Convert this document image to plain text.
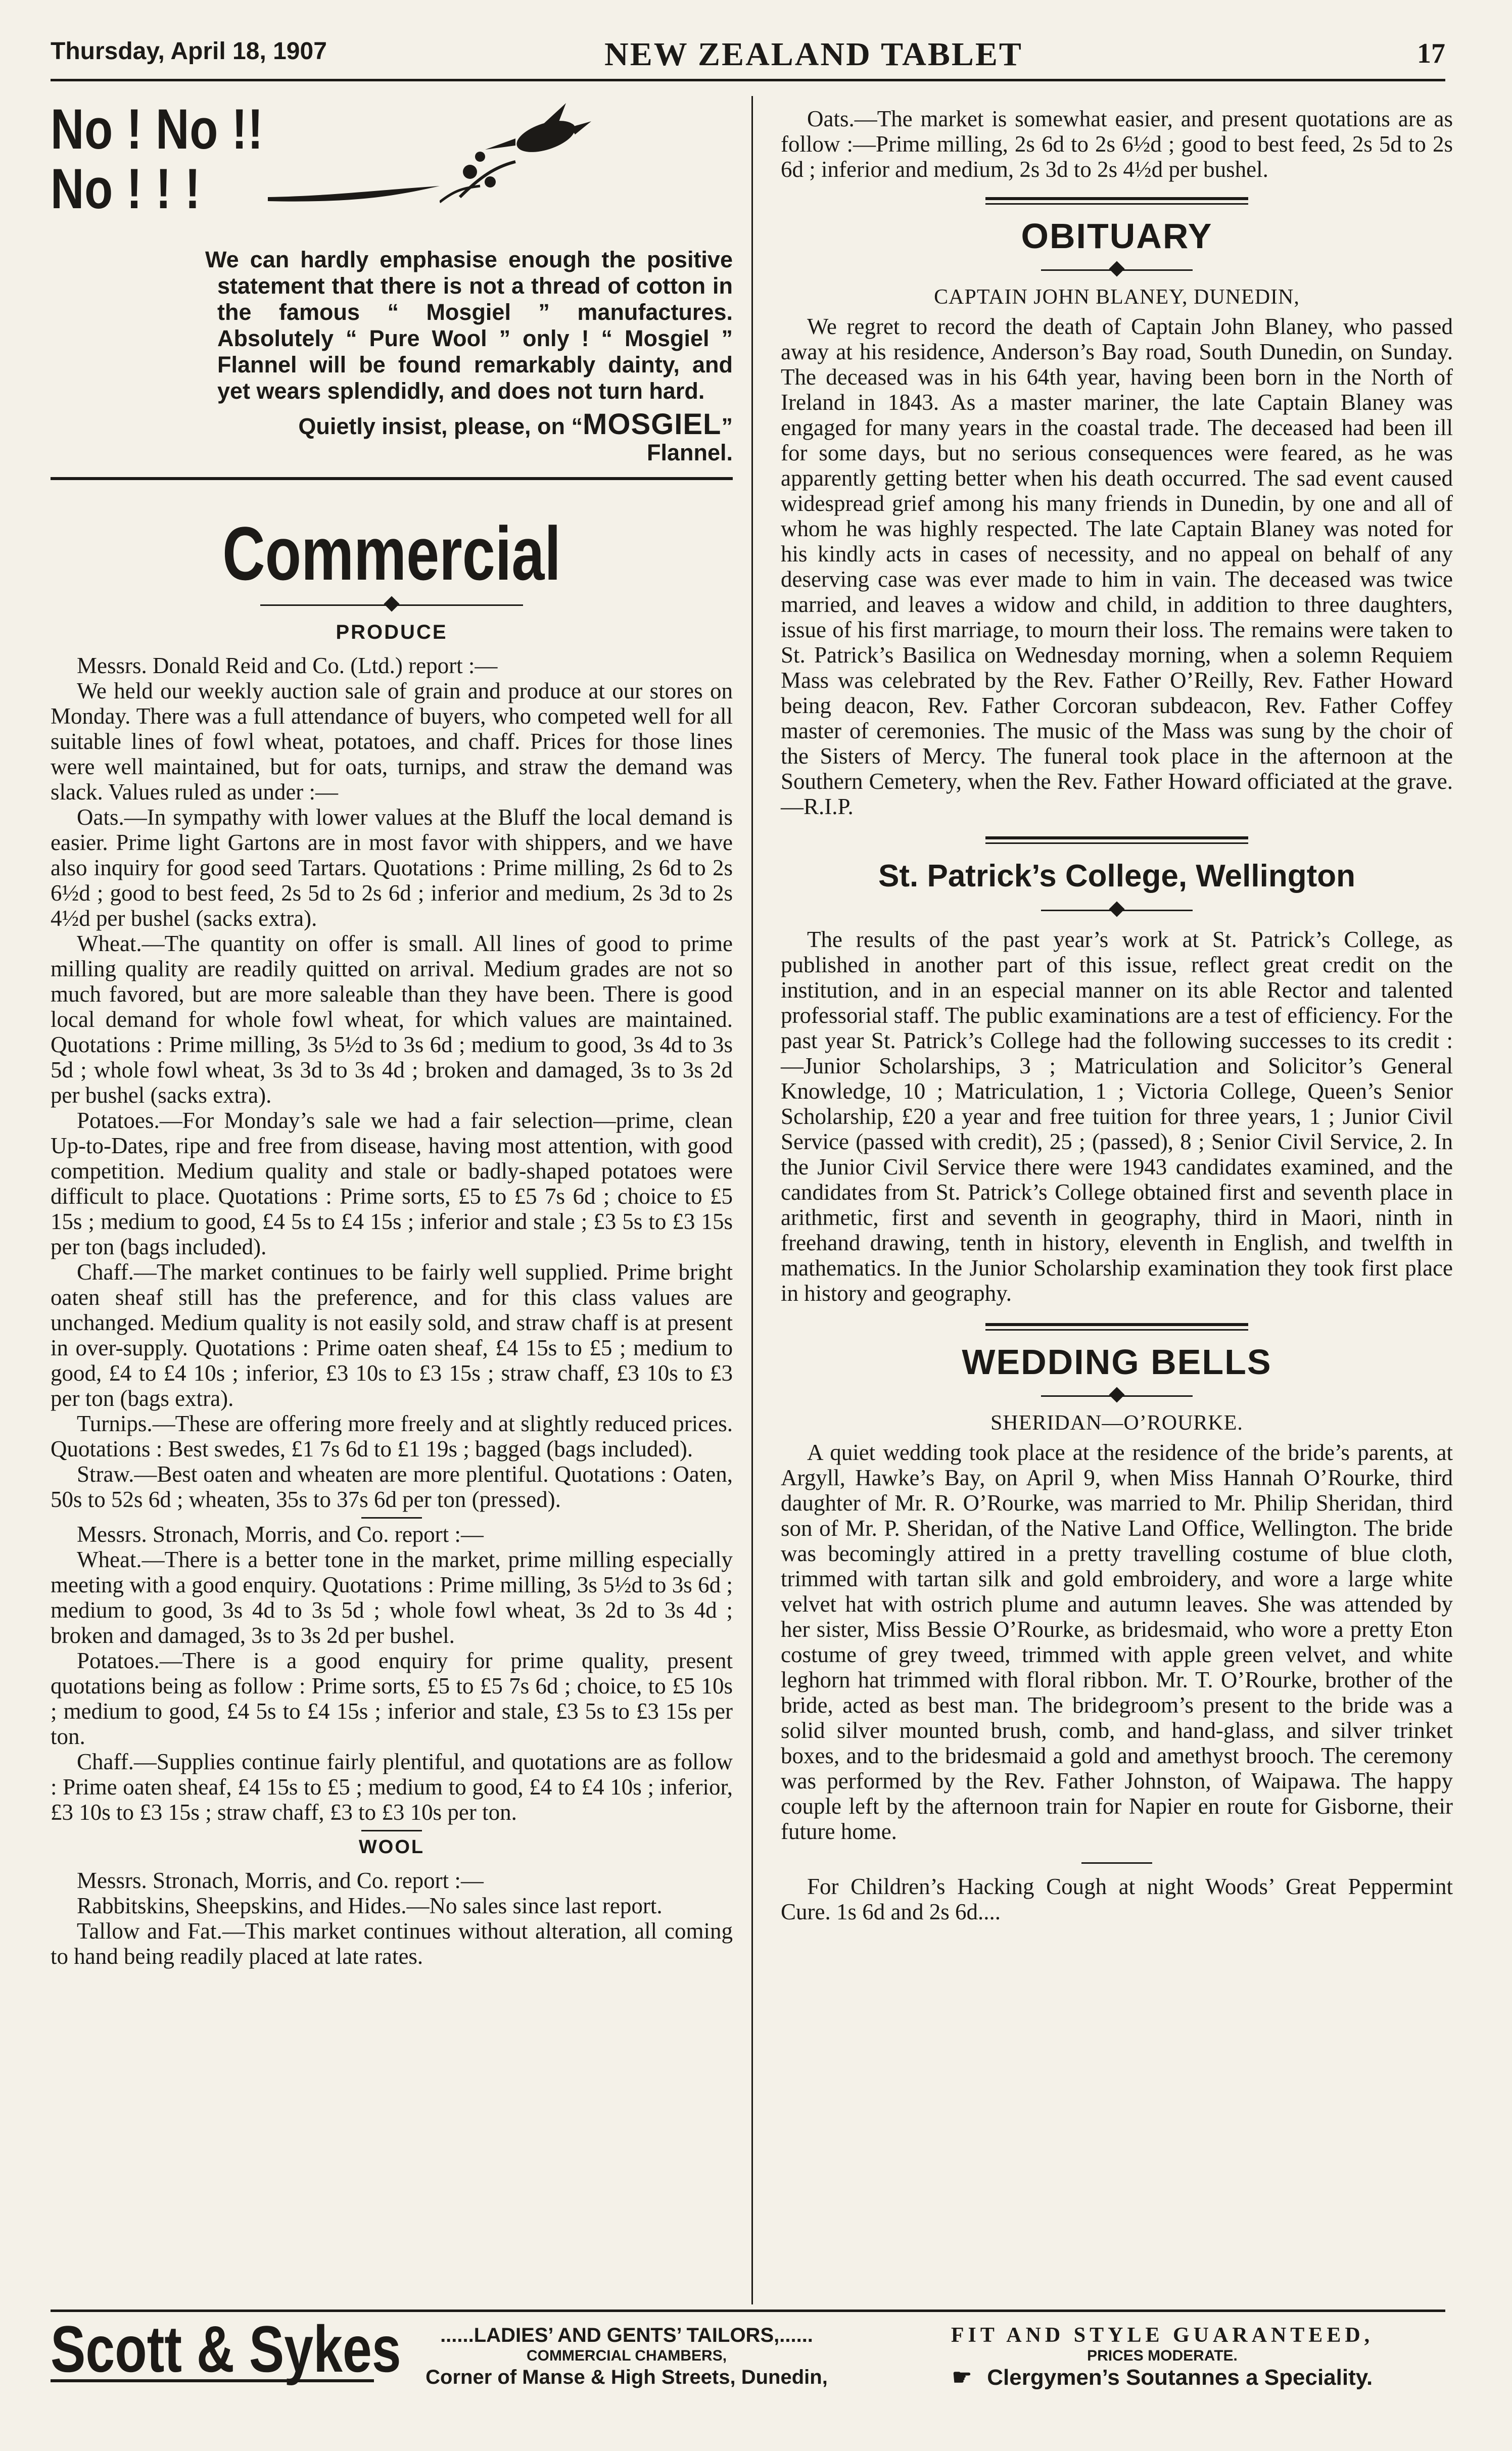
Thursday, April 18, 1907	NEW ZEALAND TABLET	17
No ! No !!
No ! ! !
We can hardly emphasise enough the positive statement that there is not a thread of cotton in the famous “ Mosgiel ” manufactures. Absolutely “ Pure Wool ” only ! “ Mosgiel ” Flannel will be found remarkably dainty, and yet wears splendidly, and does not turn hard.
Quietly insist, please, on “MOSGIEL” Flannel.
Commercial
PRODUCE

Messrs. Donald Reid and Co. (Ltd.) report :—

We held our weekly auction sale of grain and produce at our stores on Monday. There was a full attendance of buyers, who competed well for all suitable lines of fowl wheat, potatoes, and chaff. Prices for those lines were well maintained, but for oats, turnips, and straw the demand was slack. Values ruled as under :—

Oats.—In sympathy with lower values at the Bluff the local demand is easier. Prime light Gartons are in most favor with shippers, and we have also inquiry for good seed Tartars. Quotations : Prime milling, 2s 6d to 2s 6½d ; good to best feed, 2s 5d to 2s 6d ; inferior and medium, 2s 3d to 2s 4½d per bushel (sacks extra).

Wheat.—The quantity on offer is small. All lines of good to prime milling quality are readily quitted on arrival. Medium grades are not so much favored, but are more saleable than they have been. There is good local demand for whole fowl wheat, for which values are maintained. Quotations : Prime milling, 3s 5½d to 3s 6d ; medium to good, 3s 4d to 3s 5d ; whole fowl wheat, 3s 3d to 3s 4d ; broken and damaged, 3s to 3s 2d per bushel (sacks extra).

Potatoes.—For Monday’s sale we had a fair selection—prime, clean Up-to-Dates, ripe and free from disease, having most attention, with good competition. Medium quality and stale or badly-shaped potatoes were difficult to place. Quotations : Prime sorts, £5 to £5 7s 6d ; choice to £5 15s ; medium to good, £4 5s to £4 15s ; inferior and stale ; £3 5s to £3 15s per ton (bags included).

Chaff.—The market continues to be fairly well supplied. Prime bright oaten sheaf still has the preference, and for this class values are unchanged. Medium quality is not easily sold, and straw chaff is at present in over-supply. Quotations : Prime oaten sheaf, £4 15s to £5 ; medium to good, £4 to £4 10s ; inferior, £3 10s to £3 15s ; straw chaff, £3 10s to £3 per ton (bags extra).

Turnips.—These are offering more freely and at slightly reduced prices. Quotations : Best swedes, £1 7s 6d to £1 19s ; bagged (bags included).

Straw.—Best oaten and wheaten are more plentiful. Quotations : Oaten, 50s to 52s 6d ; wheaten, 35s to 37s 6d per ton (pressed).

Messrs. Stronach, Morris, and Co. report :—

Wheat.—There is a better tone in the market, prime milling especially meeting with a good enquiry. Quotations : Prime milling, 3s 5½d to 3s 6d ; medium to good, 3s 4d to 3s 5d ; whole fowl wheat, 3s 2d to 3s 4d ; broken and damaged, 3s to 3s 2d per bushel.

Potatoes.—There is a good enquiry for prime quality, present quotations being as follow : Prime sorts, £5 to £5 7s 6d ; choice, to £5 10s ; medium to good, £4 5s to £4 15s ; inferior and stale, £3 5s to £3 15s per ton.

Chaff.—Supplies continue fairly plentiful, and quotations are as follow : Prime oaten sheaf, £4 15s to £5 ; medium to good, £4 to £4 10s ; inferior, £3 10s to £3 15s ; straw chaff, £3 to £3 10s per ton.

WOOL

Messrs. Stronach, Morris, and Co. report :—

Rabbitskins, Sheepskins, and Hides.—No sales since last report.

Tallow and Fat.—This market continues without alteration, all coming to hand being readily placed at late rates.

Oats.—The market is somewhat easier, and present quotations are as follow :—Prime milling, 2s 6d to 2s 6½d ; good to best feed, 2s 5d to 2s 6d ; inferior and medium, 2s 3d to 2s 4½d per bushel.

OBITUARY

CAPTAIN JOHN BLANEY, DUNEDIN,

We regret to record the death of Captain John Blaney, who passed away at his residence, Anderson’s Bay road, South Dunedin, on Sunday. The deceased was in his 64th year, having been born in the North of Ireland in 1843. As a master mariner, the late Captain Blaney was engaged for many years in the coastal trade. The deceased had been ill for some days, but no serious consequences were feared, as he was apparently getting better when his death occurred. The sad event caused widespread grief among his many friends in Dunedin, by one and all of whom he was highly respected. The late Captain Blaney was noted for his kindly acts in cases of necessity, and no appeal on behalf of any deserving case was ever made to him in vain. The deceased was twice married, and leaves a widow and child, in addition to three daughters, issue of his first marriage, to mourn their loss. The remains were taken to St. Patrick’s Basilica on Wednesday morning, when a solemn Requiem Mass was celebrated by the Rev. Father O’Reilly, Rev. Father Howard being deacon, Rev. Father Corcoran subdeacon, Rev. Father Coffey master of ceremonies. The music of the Mass was sung by the choir of the Sisters of Mercy. The funeral took place in the afternoon at the Southern Cemetery, when the Rev. Father Howard officiated at the grave.—R.I.P.

St. Patrick’s College, Wellington

The results of the past year’s work at St. Patrick’s College, as published in another part of this issue, reflect great credit on the institution, and in an especial manner on its able Rector and talented professorial staff. The public examinations are a test of efficiency. For the past year St. Patrick’s College had the following successes to its credit :—Junior Scholarships, 3 ; Matriculation and Solicitor’s General Knowledge, 10 ; Matriculation, 1 ; Victoria College, Queen’s Senior Scholarship, £20 a year and free tuition for three years, 1 ; Junior Civil Service (passed with credit), 25 ; (passed), 8 ; Senior Civil Service, 2. In the Junior Civil Service there were 1943 candidates examined, and the candidates from St. Patrick’s College obtained first and seventh place in arithmetic, first and seventh in geography, third in Maori, ninth in freehand drawing, tenth in history, eleventh in English, and twelfth in mathematics. In the Junior Scholarship examination they took first place in history and geography.

WEDDING BELLS

SHERIDAN—O’ROURKE.

A quiet wedding took place at the residence of the bride’s parents, at Argyll, Hawke’s Bay, on April 9, when Miss Hannah O’Rourke, third daughter of Mr. R. O’Rourke, was married to Mr. Philip Sheridan, third son of Mr. P. Sheridan, of the Native Land Office, Wellington. The bride was becomingly attired in a pretty travelling costume of blue cloth, trimmed with tartan silk and gold embroidery, and wore a large white velvet hat with ostrich plume and autumn leaves. She was attended by her sister, Miss Bessie O’Rourke, as bridesmaid, who wore a pretty Eton costume of grey tweed, trimmed with apple green velvet, and white leghorn hat trimmed with floral ribbon. Mr. T. O’Rourke, brother of the bride, acted as best man. The bridegroom’s present to the bride was a solid silver mounted brush, comb, and hand-glass, and silver trinket boxes, and to the bridesmaid a gold and amethyst brooch. The ceremony was performed by the Rev. Father Johnston, of Waipawa. The happy couple left by the afternoon train for Napier en route for Gisborne, their future home.

For Children’s Hacking Cough at night Woods’ Great Peppermint Cure. 1s 6d and 2s 6d....

Scott & Sykes	......LADIES’ AND GENTS’ TAILORS,......
COMMERCIAL CHAMBERS,
Corner of Manse & High Streets, Dunedin,
FIT AND STYLE GUARANTEED,
PRICES MODERATE.
☛ Clergymen’s Soutannes a Speciality.
